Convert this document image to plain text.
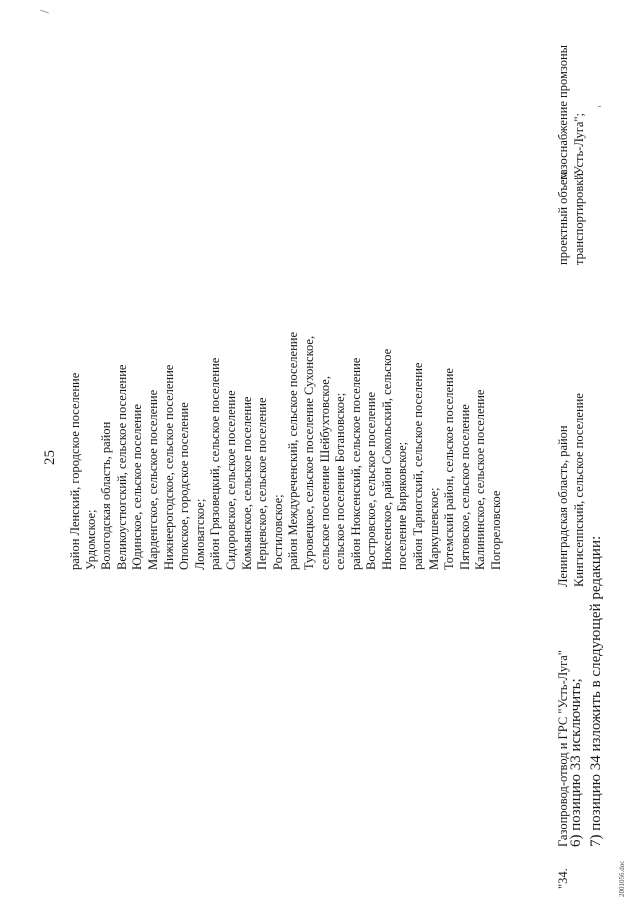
25 район Ленский, городское поселение Урдомское; Вологодская область, район Великоустюгский, сельское поселение Юдинское, сельское поселение Марденгское, сельское поселение Нижнеерогодское, сельское поселение Опокское, городское поселение Ломоватское; район Грязовецкий, сельское поселение Сидоровское, сельское поселение Комьянское, сельское поселение Перцевское, сельское поселение Ростиловское; район Междуреченский, сельское поселение Туровецкое, сельское поселение Сухонское, сельское поселение Шейбухтовское, сельское поселение Ботановское; район Нюксенский, сельское поселение Востровское, сельское поселение Нюксенское, район Сокольский, сельское поселение Биряковское; район Тарногский, сельское поселение Маркушевское; Тотемский район, сельское поселение Пятовское, сельское поселение Калининское, сельское поселение Погореловское
6) позицию 33 исключить; 7) позицию 34 изложить в следующей редакции:
"34.
Газопровод-отвод и ГРС "Усть-Луга"
Ленинградская область, район Кингисеппский, сельское поселение
проектный объем транспортировки
газоснабжение промзоны "Усть-Луга";
2001056.doc
